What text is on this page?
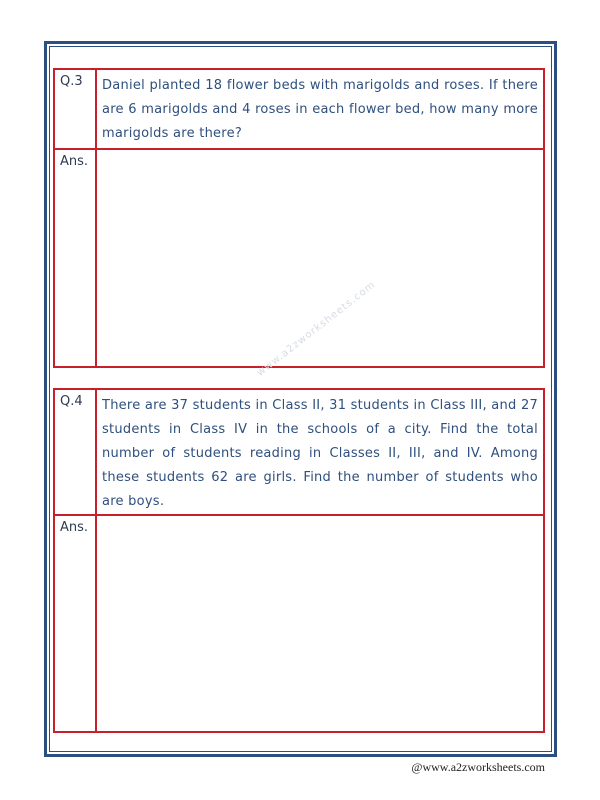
Q.3	Daniel planted 18 flower beds with marigolds and roses. If there are 6 marigolds and 4 roses in each flower bed, how many more marigolds are there?
Ans.
Q.4	There are 37 students in Class II, 31 students in Class III, and 27 students in Class IV in the schools of a city. Find the total number of students reading in Classes II, III, and IV. Among these students 62 are girls. Find the number of students who are boys.
Ans.
www.a2zworksheets.com
@www.a2zworksheets.com
